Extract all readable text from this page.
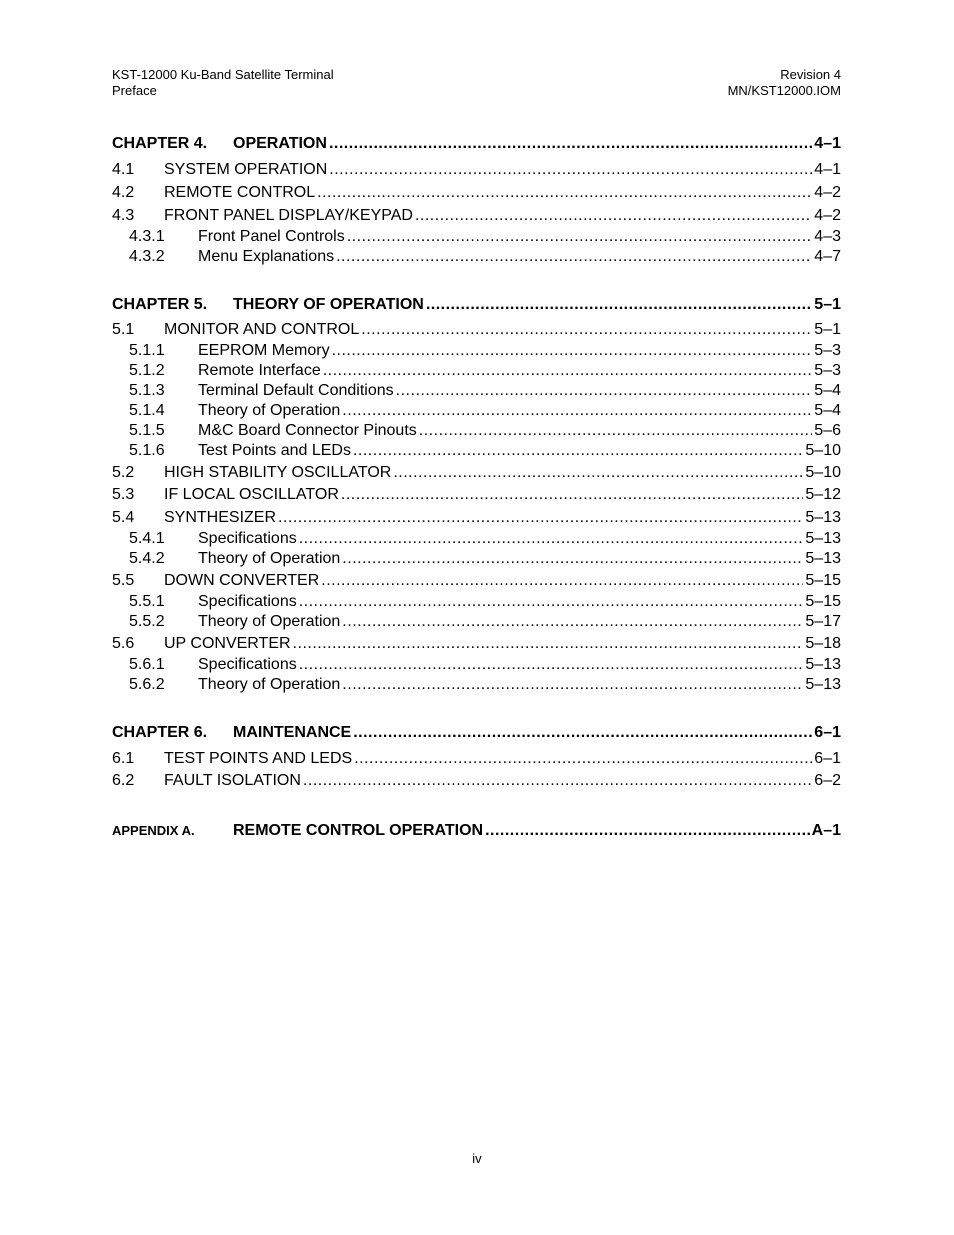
KST-12000 Ku-Band Satellite Terminal
Preface
Revision 4
MN/KST12000.IOM
CHAPTER 4.	OPERATION .....	4–1
4.1	SYSTEM OPERATION .....	4–1
4.2	REMOTE CONTROL .....	4–2
4.3	FRONT PANEL DISPLAY/KEYPAD .....	4–2
4.3.1	Front Panel Controls .....	4–3
4.3.2	Menu Explanations .....	4–7
CHAPTER 5.	THEORY OF OPERATION .....	5–1
5.1	MONITOR AND CONTROL .....	5–1
5.1.1	EEPROM Memory .....	5–3
5.1.2	Remote Interface .....	5–3
5.1.3	Terminal Default Conditions .....	5–4
5.1.4	Theory of Operation .....	5–4
5.1.5	M&C Board Connector Pinouts .....	5–6
5.1.6	Test Points and LEDs .....	5–10
5.2	HIGH STABILITY OSCILLATOR .....	5–10
5.3	IF LOCAL OSCILLATOR .....	5–12
5.4	SYNTHESIZER .....	5–13
5.4.1	Specifications .....	5–13
5.4.2	Theory of Operation .....	5–13
5.5	DOWN CONVERTER .....	5–15
5.5.1	Specifications .....	5–15
5.5.2	Theory of Operation .....	5–17
5.6	UP CONVERTER .....	5–18
5.6.1	Specifications .....	5–13
5.6.2	Theory of Operation .....	5–13
CHAPTER 6.	MAINTENANCE .....	6–1
6.1	TEST POINTS AND LEDS .....	6–1
6.2	FAULT ISOLATION .....	6–2
APPENDIX A.	REMOTE CONTROL OPERATION .....	A–1
iv
